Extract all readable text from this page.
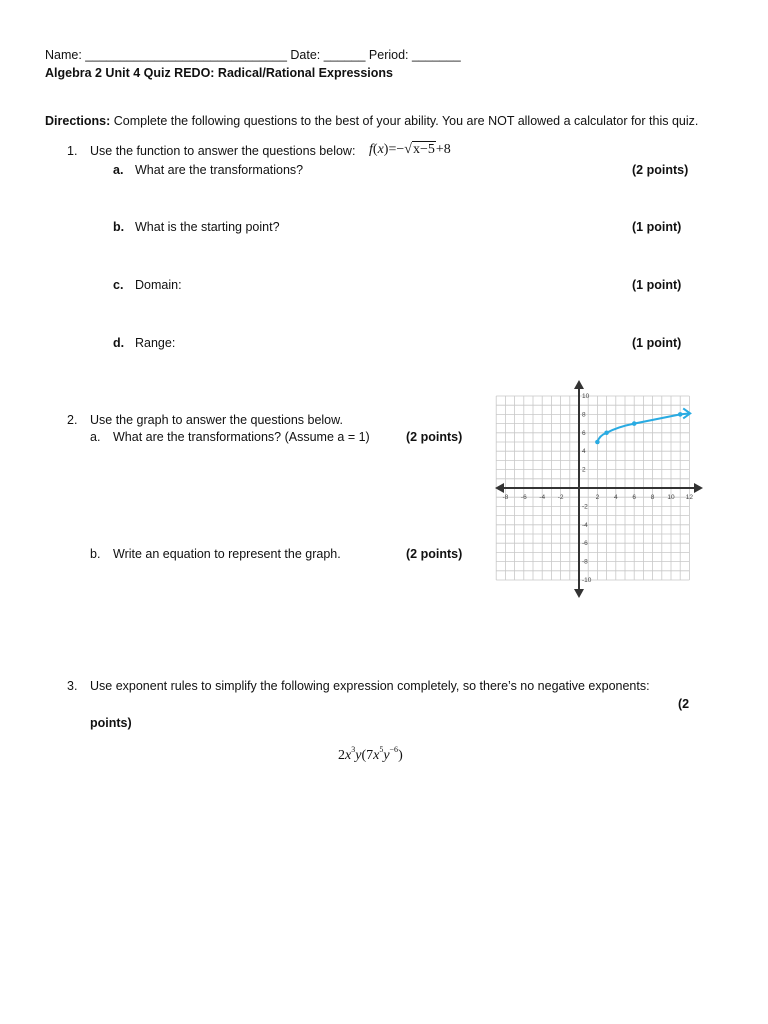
Name: _____________________________ Date: ______ Period: _______
Algebra 2 Unit 4 Quiz REDO: Radical/Rational Expressions
Directions: Complete the following questions to the best of your ability. You are NOT allowed a calculator for this quiz.
1. Use the function to answer the questions below: f(x)=−√x−5+8
a. What are the transformations?	(2 points)
b. What is the starting point?	(1 point)
c. Domain:	(1 point)
d. Range:	(1 point)
2. Use the graph to answer the questions below.
a. What are the transformations? (Assume a = 1)	(2 points)
b. Write an equation to represent the graph.	(2 points)
-8 -6 -4 -2	2 4 6 8 10 12
10
8
6
4
2
-2
-4
-6
-8
-10
3. Use exponent rules to simplify the following expression completely, so there’s no negative exponents:
(2
points)
$2x^3y(7x^5y^{-6})$
